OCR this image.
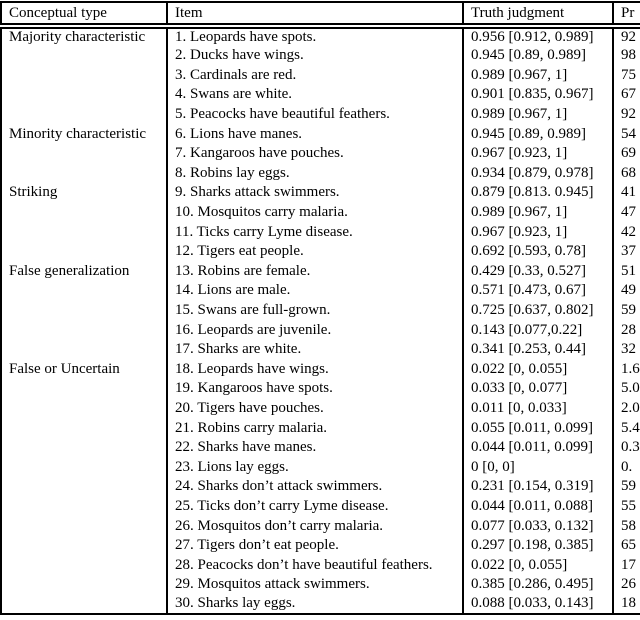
Conceptual type	Item	Truth judgment	Pr
Majority characteristic	1. Leopards have spots.	0.956 [0.912, 0.989]	92
	2. Ducks have wings.	0.945 [0.89, 0.989]	98
	3. Cardinals are red.	0.989 [0.967, 1]	75
	4. Swans are white.	0.901 [0.835, 0.967]	67
	5. Peacocks have beautiful feathers.	0.989 [0.967, 1]	92
Minority characteristic	6. Lions have manes.	0.945 [0.89, 0.989]	54
	7. Kangaroos have pouches.	0.967 [0.923, 1]	69
	8. Robins lay eggs.	0.934 [0.879, 0.978]	68
Striking	9. Sharks attack swimmers.	0.879 [0.813. 0.945]	41
	10. Mosquitos carry malaria.	0.989 [0.967, 1]	47
	11. Ticks carry Lyme disease.	0.967 [0.923, 1]	42
	12. Tigers eat people.	0.692 [0.593, 0.78]	37
False generalization	13. Robins are female.	0.429 [0.33, 0.527]	51
	14. Lions are male.	0.571 [0.473, 0.67]	49
	15. Swans are full-grown.	0.725 [0.637, 0.802]	59
	16. Leopards are juvenile.	0.143 [0.077,0.22]	28
	17. Sharks are white.	0.341 [0.253, 0.44]	32
False or Uncertain	18. Leopards have wings.	0.022 [0, 0.055]	1.6
	19. Kangaroos have spots.	0.033 [0, 0.077]	5.0
	20. Tigers have pouches.	0.011 [0, 0.033]	2.0
	21. Robins carry malaria.	0.055 [0.011, 0.099]	5.4
	22. Sharks have manes.	0.044 [0.011, 0.099]	0.3
	23. Lions lay eggs.	0 [0, 0]	0.
	24. Sharks don’t attack swimmers.	0.231 [0.154, 0.319]	59
	25. Ticks don’t carry Lyme disease.	0.044 [0.011, 0.088]	55
	26. Mosquitos don’t carry malaria.	0.077 [0.033, 0.132]	58
	27. Tigers don’t eat people.	0.297 [0.198, 0.385]	65
	28. Peacocks don’t have beautiful feathers.	0.022 [0, 0.055]	17
	29. Mosquitos attack swimmers.	0.385 [0.286, 0.495]	26
	30. Sharks lay eggs.	0.088 [0.033, 0.143]	18
